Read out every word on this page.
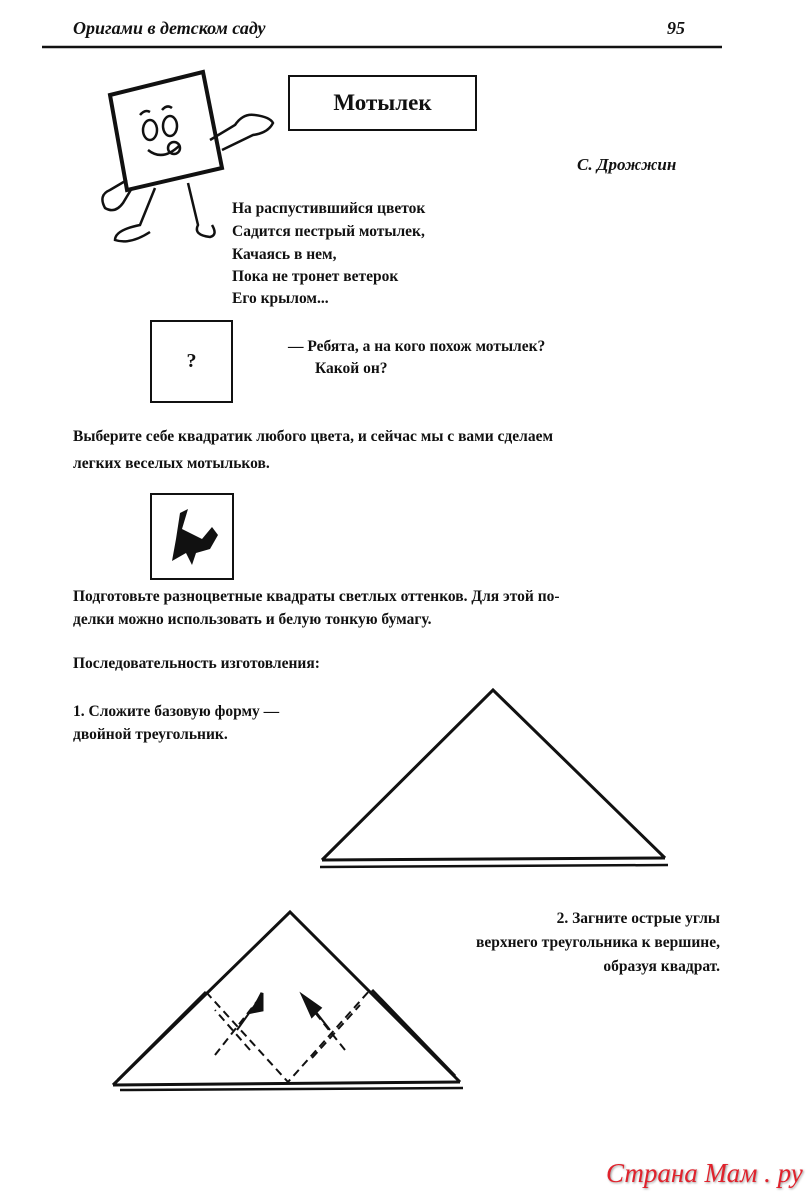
Оригами в детском саду	95
Мотылек
С. Дрожжин
На распустившийся цветок
Садится пестрый мотылек,
Качаясь в нем,
Пока не тронет ветерок
Его крылом...
?
— Ребята, а на кого похож мотылек?
Какой он?
Выберите себе квадратик любого цвета, и сейчас мы с вами сделаем
легких веселых мотыльков.
Подготовьте разноцветные квадраты светлых оттенков. Для этой по-
делки можно использовать и белую тонкую бумагу.
Последовательность изготовления:
1. Сложите базовую форму —
двойной треугольник.
2. Загните острые углы
верхнего треугольника к вершине,
образуя квадрат.
Страна Мам . ру
